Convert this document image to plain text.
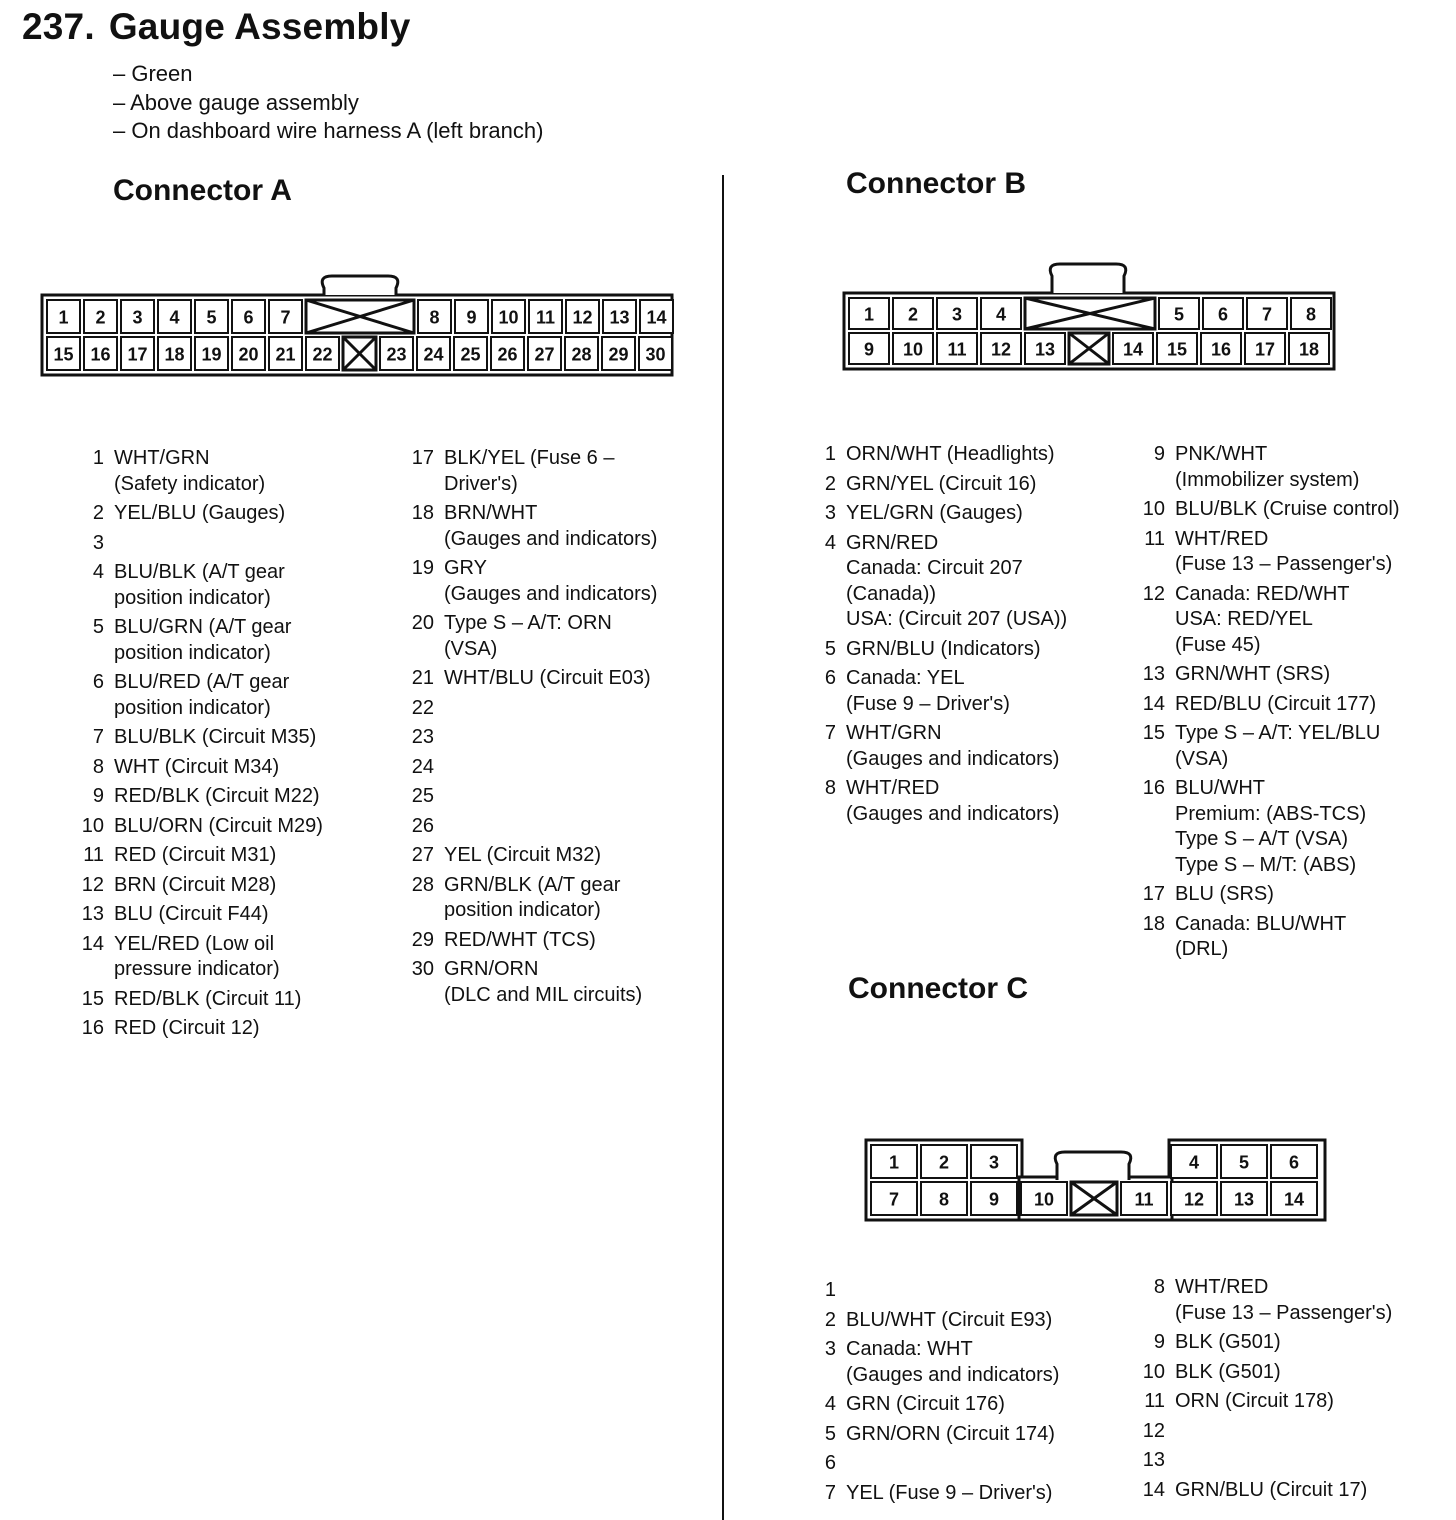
237. Gauge Assembly
– Green
– Above gauge assembly
– On dashboard wire harness A (left branch)
Connector A
1 2 3 4 5 6 7	8 9 10 11 12 13 14
15 16 17 18 19 20 21 22	23 24 25 26 27 28 29 30
1 2 3 4	5 6 7 8
9 10 11 12 13	14 15 16 17 18
1 2 3	4 5 6
7 8 9 10	11 12 13 14
1 WHT/GRN
(Safety indicator)
2 YEL/BLU (Gauges)
3
4 BLU/BLK (A/T gear
position indicator)
5 BLU/GRN (A/T gear
position indicator)
6 BLU/RED (A/T gear
position indicator)
7 BLU/BLK (Circuit M35)
8 WHT (Circuit M34)
9 RED/BLK (Circuit M22)
10 BLU/ORN (Circuit M29)
11 RED (Circuit M31)
12 BRN (Circuit M28)
13 BLU (Circuit F44)
14 YEL/RED (Low oil
pressure indicator)
15 RED/BLK (Circuit 11)
16 RED (Circuit 12)
17 BLK/YEL (Fuse 6 –
Driver's)
18 BRN/WHT
(Gauges and indicators)
19 GRY
(Gauges and indicators)
20 Type S – A/T: ORN
(VSA)
21 WHT/BLU (Circuit E03)
22
23
24
25
26
27 YEL (Circuit M32)
28 GRN/BLK (A/T gear
position indicator)
29 RED/WHT (TCS)
30 GRN/ORN
(DLC and MIL circuits)
Connector B
1 ORN/WHT (Headlights)
2 GRN/YEL (Circuit 16)
3 YEL/GRN (Gauges)
4 GRN/RED
Canada: Circuit 207
(Canada))
USA: (Circuit 207 (USA))
5 GRN/BLU (Indicators)
6 Canada: YEL
(Fuse 9 – Driver's)
7 WHT/GRN
(Gauges and indicators)
8 WHT/RED
(Gauges and indicators)
9 PNK/WHT
(Immobilizer system)
10 BLU/BLK (Cruise control)
11 WHT/RED
(Fuse 13 – Passenger's)
12 Canada: RED/WHT
USA: RED/YEL
(Fuse 45)
13 GRN/WHT (SRS)
14 RED/BLU (Circuit 177)
15 Type S – A/T: YEL/BLU
(VSA)
16 BLU/WHT
Premium: (ABS-TCS)
Type S – A/T (VSA)
Type S – M/T: (ABS)
17 BLU (SRS)
18 Canada: BLU/WHT
(DRL)
Connector C
1
2 BLU/WHT (Circuit E93)
3 Canada: WHT
(Gauges and indicators)
4 GRN (Circuit 176)
5 GRN/ORN (Circuit 174)
6
7 YEL (Fuse 9 – Driver's)
8 WHT/RED
(Fuse 13 – Passenger's)
9 BLK (G501)
10 BLK (G501)
11 ORN (Circuit 178)
12
13
14 GRN/BLU (Circuit 17)
